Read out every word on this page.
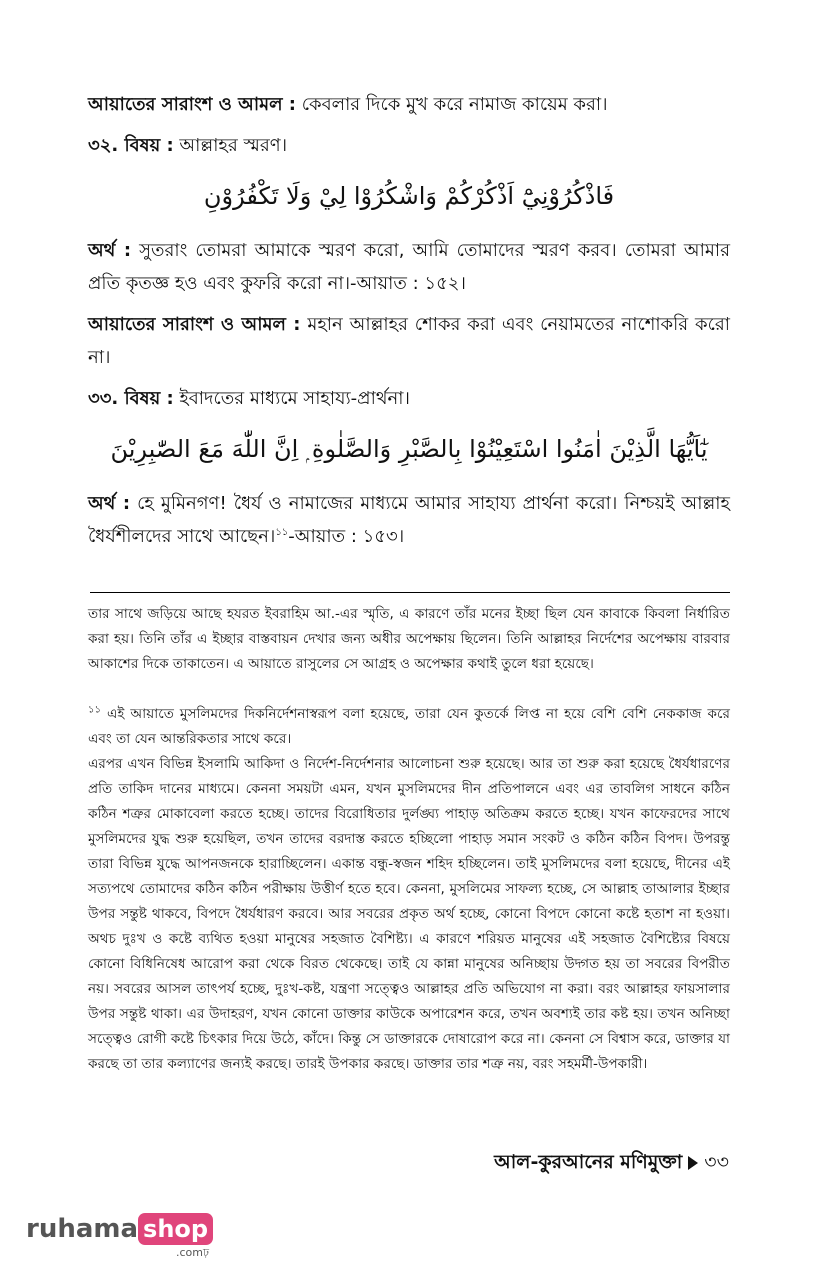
আয়াতের সারাংশ ও আমল : কেবলার দিকে মুখ করে নামাজ কায়েম করা।

৩২. বিষয় : আল্লাহর স্মরণ।

فَاذْكُرُوْنِيْٓ اَذْكُرْكُمْ وَاشْكُرُوْا لِيْ وَلَا تَكْفُرُوْنِ

অর্থ : সুতরাং তোমরা আমাকে স্মরণ করো, আমি তোমাদের স্মরণ করব। তোমরা আমার প্রতি কৃতজ্ঞ হও এবং কুফরি করো না।-আয়াত : ১৫২।

আয়াতের সারাংশ ও আমল : মহান আল্লাহর শোকর করা এবং নেয়ামতের নাশোকরি করো না।

৩৩. বিষয় : ইবাদতের মাধ্যমে সাহায্য-প্রার্থনা।

يٰٓاَيُّهَا الَّذِيْنَ اٰمَنُوا اسْتَعِيْنُوْا بِالصَّبْرِ وَالصَّلٰوةِ ۭ اِنَّ اللّٰهَ مَعَ الصّٰبِرِيْنَ

অর্থ : হে মুমিনগণ! ধৈর্য ও নামাজের মাধ্যমে আমার সাহায্য প্রার্থনা করো। নিশ্চয়ই আল্লাহ ধৈর্যশীলদের সাথে আছেন।$^{১১}$-আয়াত : ১৫৩।

তার সাথে জড়িয়ে আছে হযরত ইবরাহিম আ.-এর স্মৃতি, এ কারণে তাঁর মনের ইচ্ছা ছিল যেন কাবাকে কিবলা নির্ধারিত করা হয়। তিনি তাঁর এ ইচ্ছার বাস্তবায়ন দেখার জন্য অধীর অপেক্ষায় ছিলেন। তিনি আল্লাহর নির্দেশের অপেক্ষায় বারবার আকাশের দিকে তাকাতেন। এ আয়াতে রাসুলের সে আগ্রহ ও অপেক্ষার কথাই তুলে ধরা হয়েছে।

$^{১১}$ এই আয়াতে মুসলিমদের দিকনির্দেশনাস্বরূপ বলা হয়েছে, তারা যেন কুতর্কে লিপ্ত না হয়ে বেশি বেশি নেককাজ করে এবং তা যেন আন্তরিকতার সাথে করে।

এরপর এখন বিভিন্ন ইসলামি আকিদা ও নির্দেশ-নির্দেশনার আলোচনা শুরু হয়েছে। আর তা শুরু করা হয়েছে ধৈর্যধারণের প্রতি তাকিদ দানের মাধ্যমে। কেননা সময়টা এমন, যখন মুসলিমদের দীন প্রতিপালনে এবং এর তাবলিগ সাধনে কঠিন কঠিন শত্রুর মোকাবেলা করতে হচ্ছে। তাদের বিরোধিতার দুর্লঙ্ঘ্য পাহাড় অতিক্রম করতে হচ্ছে। যখন কাফেরদের সাথে মুসলিমদের যুদ্ধ শুরু হয়েছিল, তখন তাদের বরদাস্ত করতে হচ্ছিলো পাহাড় সমান সংকট ও কঠিন কঠিন বিপদ। উপরন্তু তারা বিভিন্ন যুদ্ধে আপনজনকে হারাচ্ছিলেন। একান্ত বন্ধু-স্বজন শহিদ হচ্ছিলেন। তাই মুসলিমদের বলা হয়েছে, দীনের এই সত্যপথে তোমাদের কঠিন কঠিন পরীক্ষায় উত্তীর্ণ হতে হবে। কেননা, মুসলিমের সাফল্য হচ্ছে, সে আল্লাহ তাআলার ইচ্ছার উপর সন্তুষ্ট থাকবে, বিপদে ধৈর্যধারণ করবে। আর সবরের প্রকৃত অর্থ হচ্ছে, কোনো বিপদে কোনো কষ্টে হতাশ না হওয়া। অথচ দুঃখ ও কষ্টে ব্যথিত হওয়া মানুষের সহজাত বৈশিষ্ট্য। এ কারণে শরিয়ত মানুষের এই সহজাত বৈশিষ্ট্যের বিষয়ে কোনো বিধিনিষেধ আরোপ করা থেকে বিরত থেকেছে। তাই যে কান্না মানুষের অনিচ্ছায় উদ্গত হয় তা সবরের বিপরীত নয়। সবরের আসল তাৎপর্য হচ্ছে, দুঃখ-কষ্ট, যন্ত্রণা সত্ত্বেও আল্লাহর প্রতি অভিযোগ না করা। বরং আল্লাহর ফায়সালার উপর সন্তুষ্ট থাকা। এর উদাহরণ, যখন কোনো ডাক্তার কাউকে অপারেশন করে, তখন অবশ্যই তার কষ্ট হয়। তখন অনিচ্ছা সত্ত্বেও রোগী কষ্টে চিৎকার দিয়ে উঠে, কাঁদে। কিন্তু সে ডাক্তারকে দোষারোপ করে না। কেননা সে বিশ্বাস করে, ডাক্তার যা করছে তা তার কল্যাণের জন্যই করছে। তারই উপকার করছে। ডাক্তার তার শত্রু নয়, বরং সহমর্মী-উপকারী।

আল-কুরআনের মণিমুক্তা ৩৩
ruhama shop
.comঢ়
